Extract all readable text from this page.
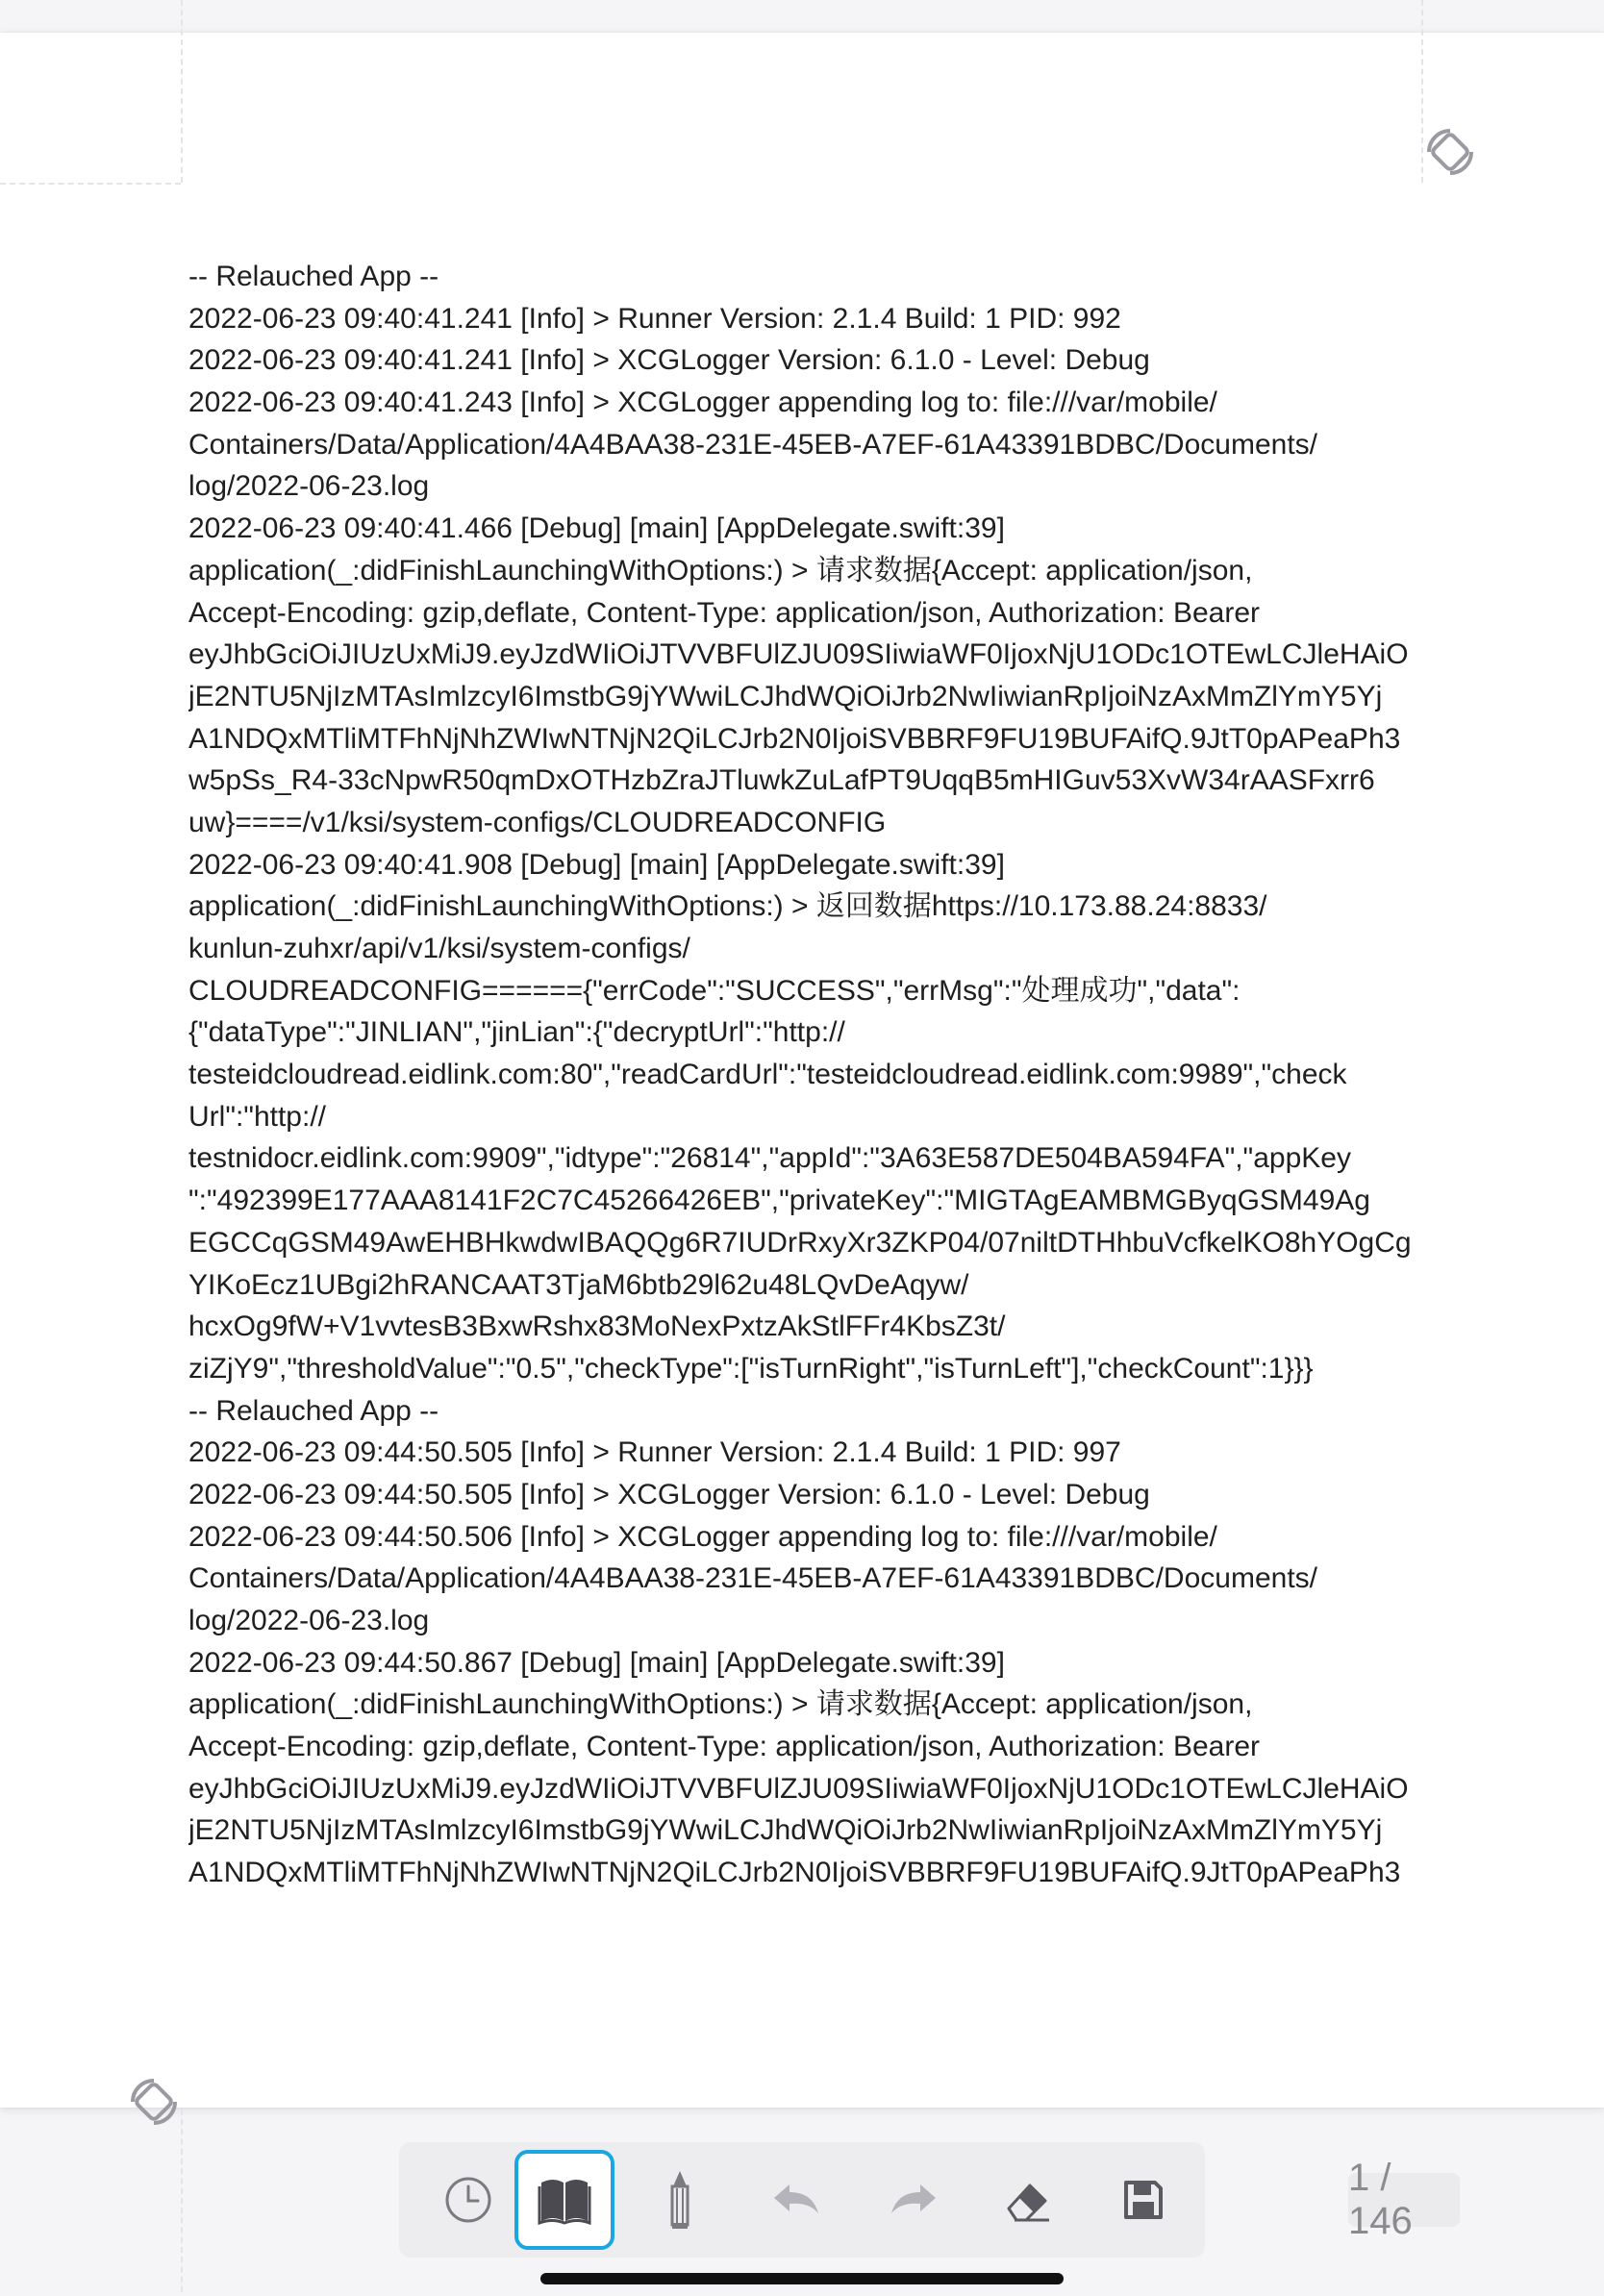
-- Relauched App --
2022-06-23 09:40:41.241 [Info] > Runner Version: 2.1.4 Build: 1 PID: 992
2022-06-23 09:40:41.241 [Info] > XCGLogger Version: 6.1.0 - Level: Debug
2022-06-23 09:40:41.243 [Info] > XCGLogger appending log to: file:///var/mobile/
Containers/Data/Application/4A4BAA38-231E-45EB-A7EF-61A43391BDBC/Documents/
log/2022-06-23.log
2022-06-23 09:40:41.466 [Debug] [main] [AppDelegate.swift:39]
application(_:didFinishLaunchingWithOptions:) > 请求数据{Accept: application/json,
Accept-Encoding: gzip,deflate, Content-Type: application/json, Authorization: Bearer
eyJhbGciOiJIUzUxMiJ9.eyJzdWIiOiJTVVBFUlZJU09SIiwiaWF0IjoxNjU1ODc1OTEwLCJleHAiO
jE2NTU5NjIzMTAsImlzcyI6ImstbG9jYWwiLCJhdWQiOiJrb2NwIiwianRpIjoiNzAxMmZlYmY5Yj
A1NDQxMTliMTFhNjNhZWIwNTNjN2QiLCJrb2N0IjoiSVBBRF9FU19BUFAifQ.9JtT0pAPeaPh3
w5pSs_R4-33cNpwR50qmDxOTHzbZraJTluwkZuLafPT9UqqB5mHIGuv53XvW34rAASFxrr6
uw}====/v1/ksi/system-configs/CLOUDREADCONFIG
2022-06-23 09:40:41.908 [Debug] [main] [AppDelegate.swift:39]
application(_:didFinishLaunchingWithOptions:) > 返回数据https://10.173.88.24:8833/
kunlun-zuhxr/api/v1/ksi/system-configs/
CLOUDREADCONFIG======{"errCode":"SUCCESS","errMsg":"处理成功","data":
{"dataType":"JINLIAN","jinLian":{"decryptUrl":"http://
testeidcloudread.eidlink.com:80","readCardUrl":"testeidcloudread.eidlink.com:9989","check
Url":"http://
testnidocr.eidlink.com:9909","idtype":"26814","appId":"3A63E587DE504BA594FA","appKey
":"492399E177AAA8141F2C7C45266426EB","privateKey":"MIGTAgEAMBMGByqGSM49Ag
EGCCqGSM49AwEHBHkwdwIBAQQg6R7IUDrRxyXr3ZKP04/07niltDTHhbuVcfkelKO8hYOgCg
YIKoEcz1UBgi2hRANCAAT3TjaM6btb29l62u48LQvDeAqyw/
hcxOg9fW+V1vvtesB3BxwRshx83MoNexPxtzAkStlFFr4KbsZ3t/
ziZjY9","thresholdValue":"0.5","checkType":["isTurnRight","isTurnLeft"],"checkCount":1}}}
-- Relauched App --
2022-06-23 09:44:50.505 [Info] > Runner Version: 2.1.4 Build: 1 PID: 997
2022-06-23 09:44:50.505 [Info] > XCGLogger Version: 6.1.0 - Level: Debug
2022-06-23 09:44:50.506 [Info] > XCGLogger appending log to: file:///var/mobile/
Containers/Data/Application/4A4BAA38-231E-45EB-A7EF-61A43391BDBC/Documents/
log/2022-06-23.log
2022-06-23 09:44:50.867 [Debug] [main] [AppDelegate.swift:39]
application(_:didFinishLaunchingWithOptions:) > 请求数据{Accept: application/json,
Accept-Encoding: gzip,deflate, Content-Type: application/json, Authorization: Bearer
eyJhbGciOiJIUzUxMiJ9.eyJzdWIiOiJTVVBFUlZJU09SIiwiaWF0IjoxNjU1ODc1OTEwLCJleHAiO
jE2NTU5NjIzMTAsImlzcyI6ImstbG9jYWwiLCJhdWQiOiJrb2NwIiwianRpIjoiNzAxMmZlYmY5Yj
A1NDQxMTliMTFhNjNhZWIwNTNjN2QiLCJrb2N0IjoiSVBBRF9FU19BUFAifQ.9JtT0pAPeaPh3
1 / 146
